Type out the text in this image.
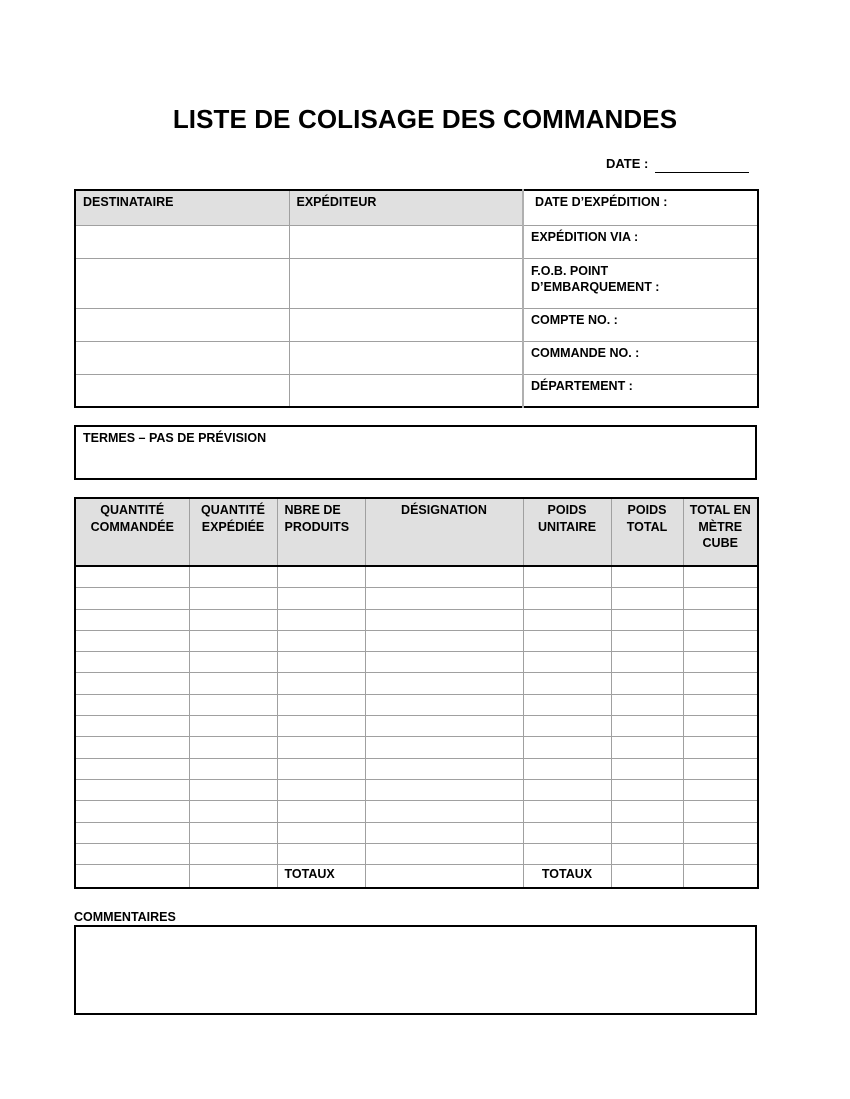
LISTE DE COLISAGE DES COMMANDES
DATE :
DESTINATAIRE	EXPÉDITEUR	DATE D’EXPÉDITION :
		EXPÉDITION VIA :
		F.O.B. POINT D’EMBARQUEMENT :
		COMPTE NO. :
		COMMANDE NO. :
		DÉPARTEMENT :
TERMES – PAS DE PRÉVISION
QUANTITÉ COMMANDÉE	QUANTITÉ EXPÉDIÉE	NBRE DE PRODUITS	DÉSIGNATION	POIDS UNITAIRE	POIDS TOTAL	TOTAL EN MÈTRE CUBE

		TOTAUX		TOTAUX		
COMMENTAIRES
